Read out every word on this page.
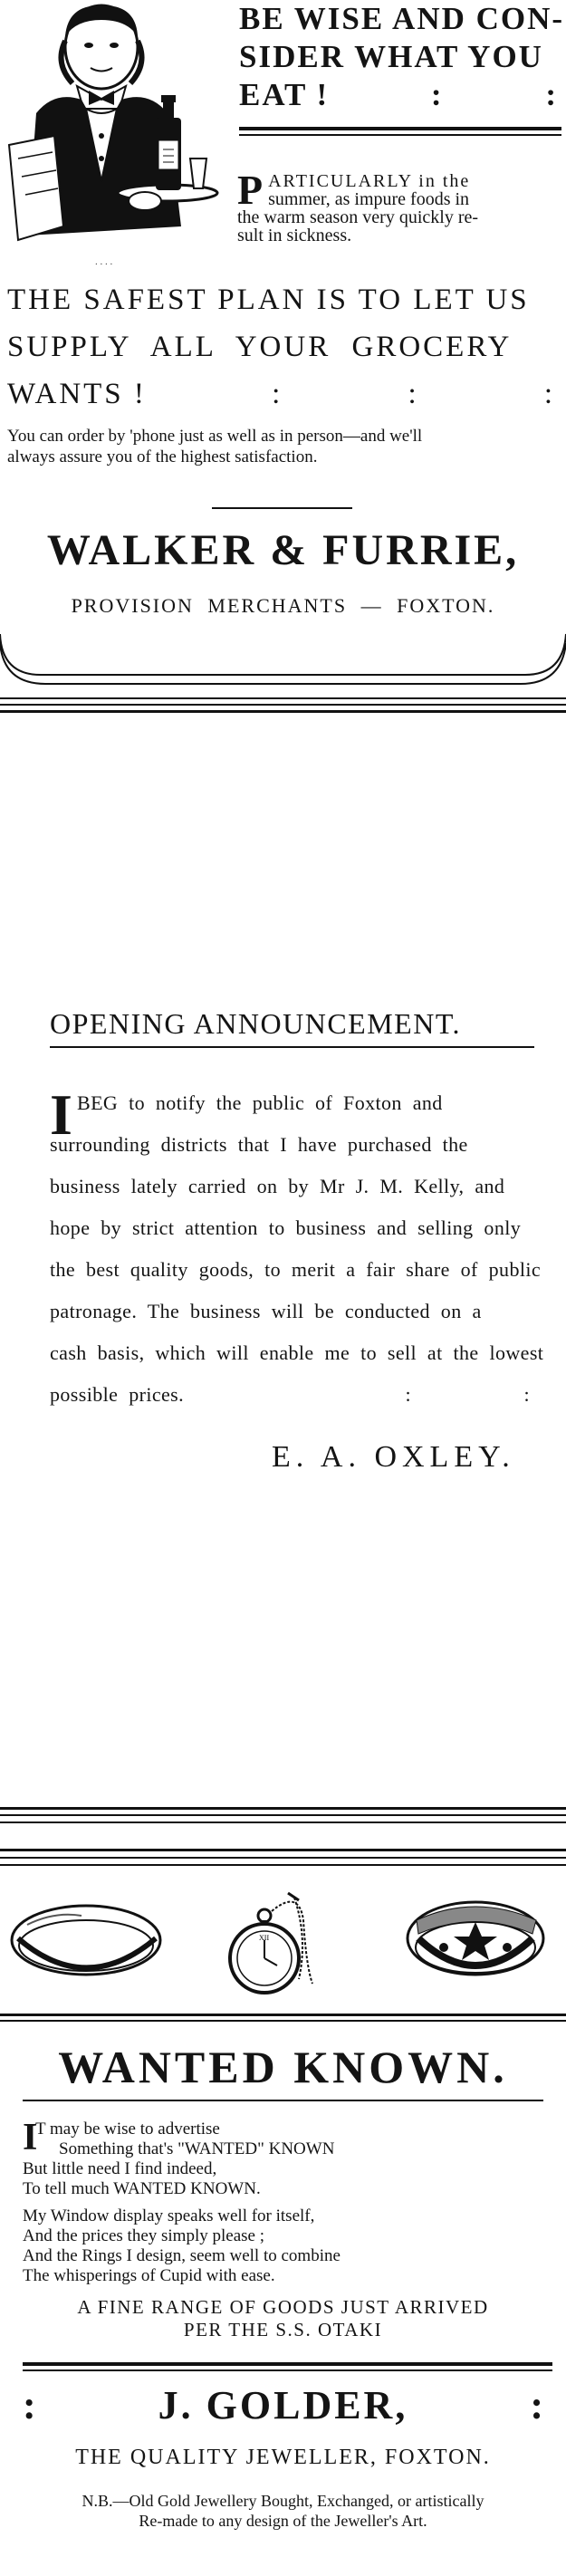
. . . .
BE WISE AND CON-
SIDER WHAT YOU
EAT !	:	:
P ARTICULARLY in the
summer, as impure foods in
the warm season very quickly re-
sult in sickness.
THE SAFEST PLAN IS TO LET US
SUPPLY ALL YOUR GROCERY
WANTS !	:	:	:
You can order by 'phone just as well as in person—and we'll
always assure you of the highest satisfaction.
WALKER & FURRIE,
PROVISION MERCHANTS — FOXTON.
OPENING ANNOUNCEMENT.
I BEG to notify the public of Foxton and
surrounding districts that I have purchased the
business lately carried on by Mr J. M. Kelly, and
hope by strict attention to business and selling only
the best quality goods, to merit a fair share of public
patronage. The business will be conducted on a
cash basis, which will enable me to sell at the lowest
possible prices.	:	:
E. A. OXLEY.
XII
WANTED KNOWN.
I
T may be wise to advertise
Something that's "WANTED" KNOWN
But little need I find indeed,
To tell much WANTED KNOWN.
My Window display speaks well for itself,
And the prices they simply please ;
And the Rings I design, seem well to combine
The whisperings of Cupid with ease.
A FINE RANGE OF GOODS JUST ARRIVED
PER THE S.S. OTAKI
:	J. GOLDER,	:
THE QUALITY JEWELLER, FOXTON.
N.B.—Old Gold Jewellery Bought, Exchanged, or artistically
Re-made to any design of the Jeweller's Art.
